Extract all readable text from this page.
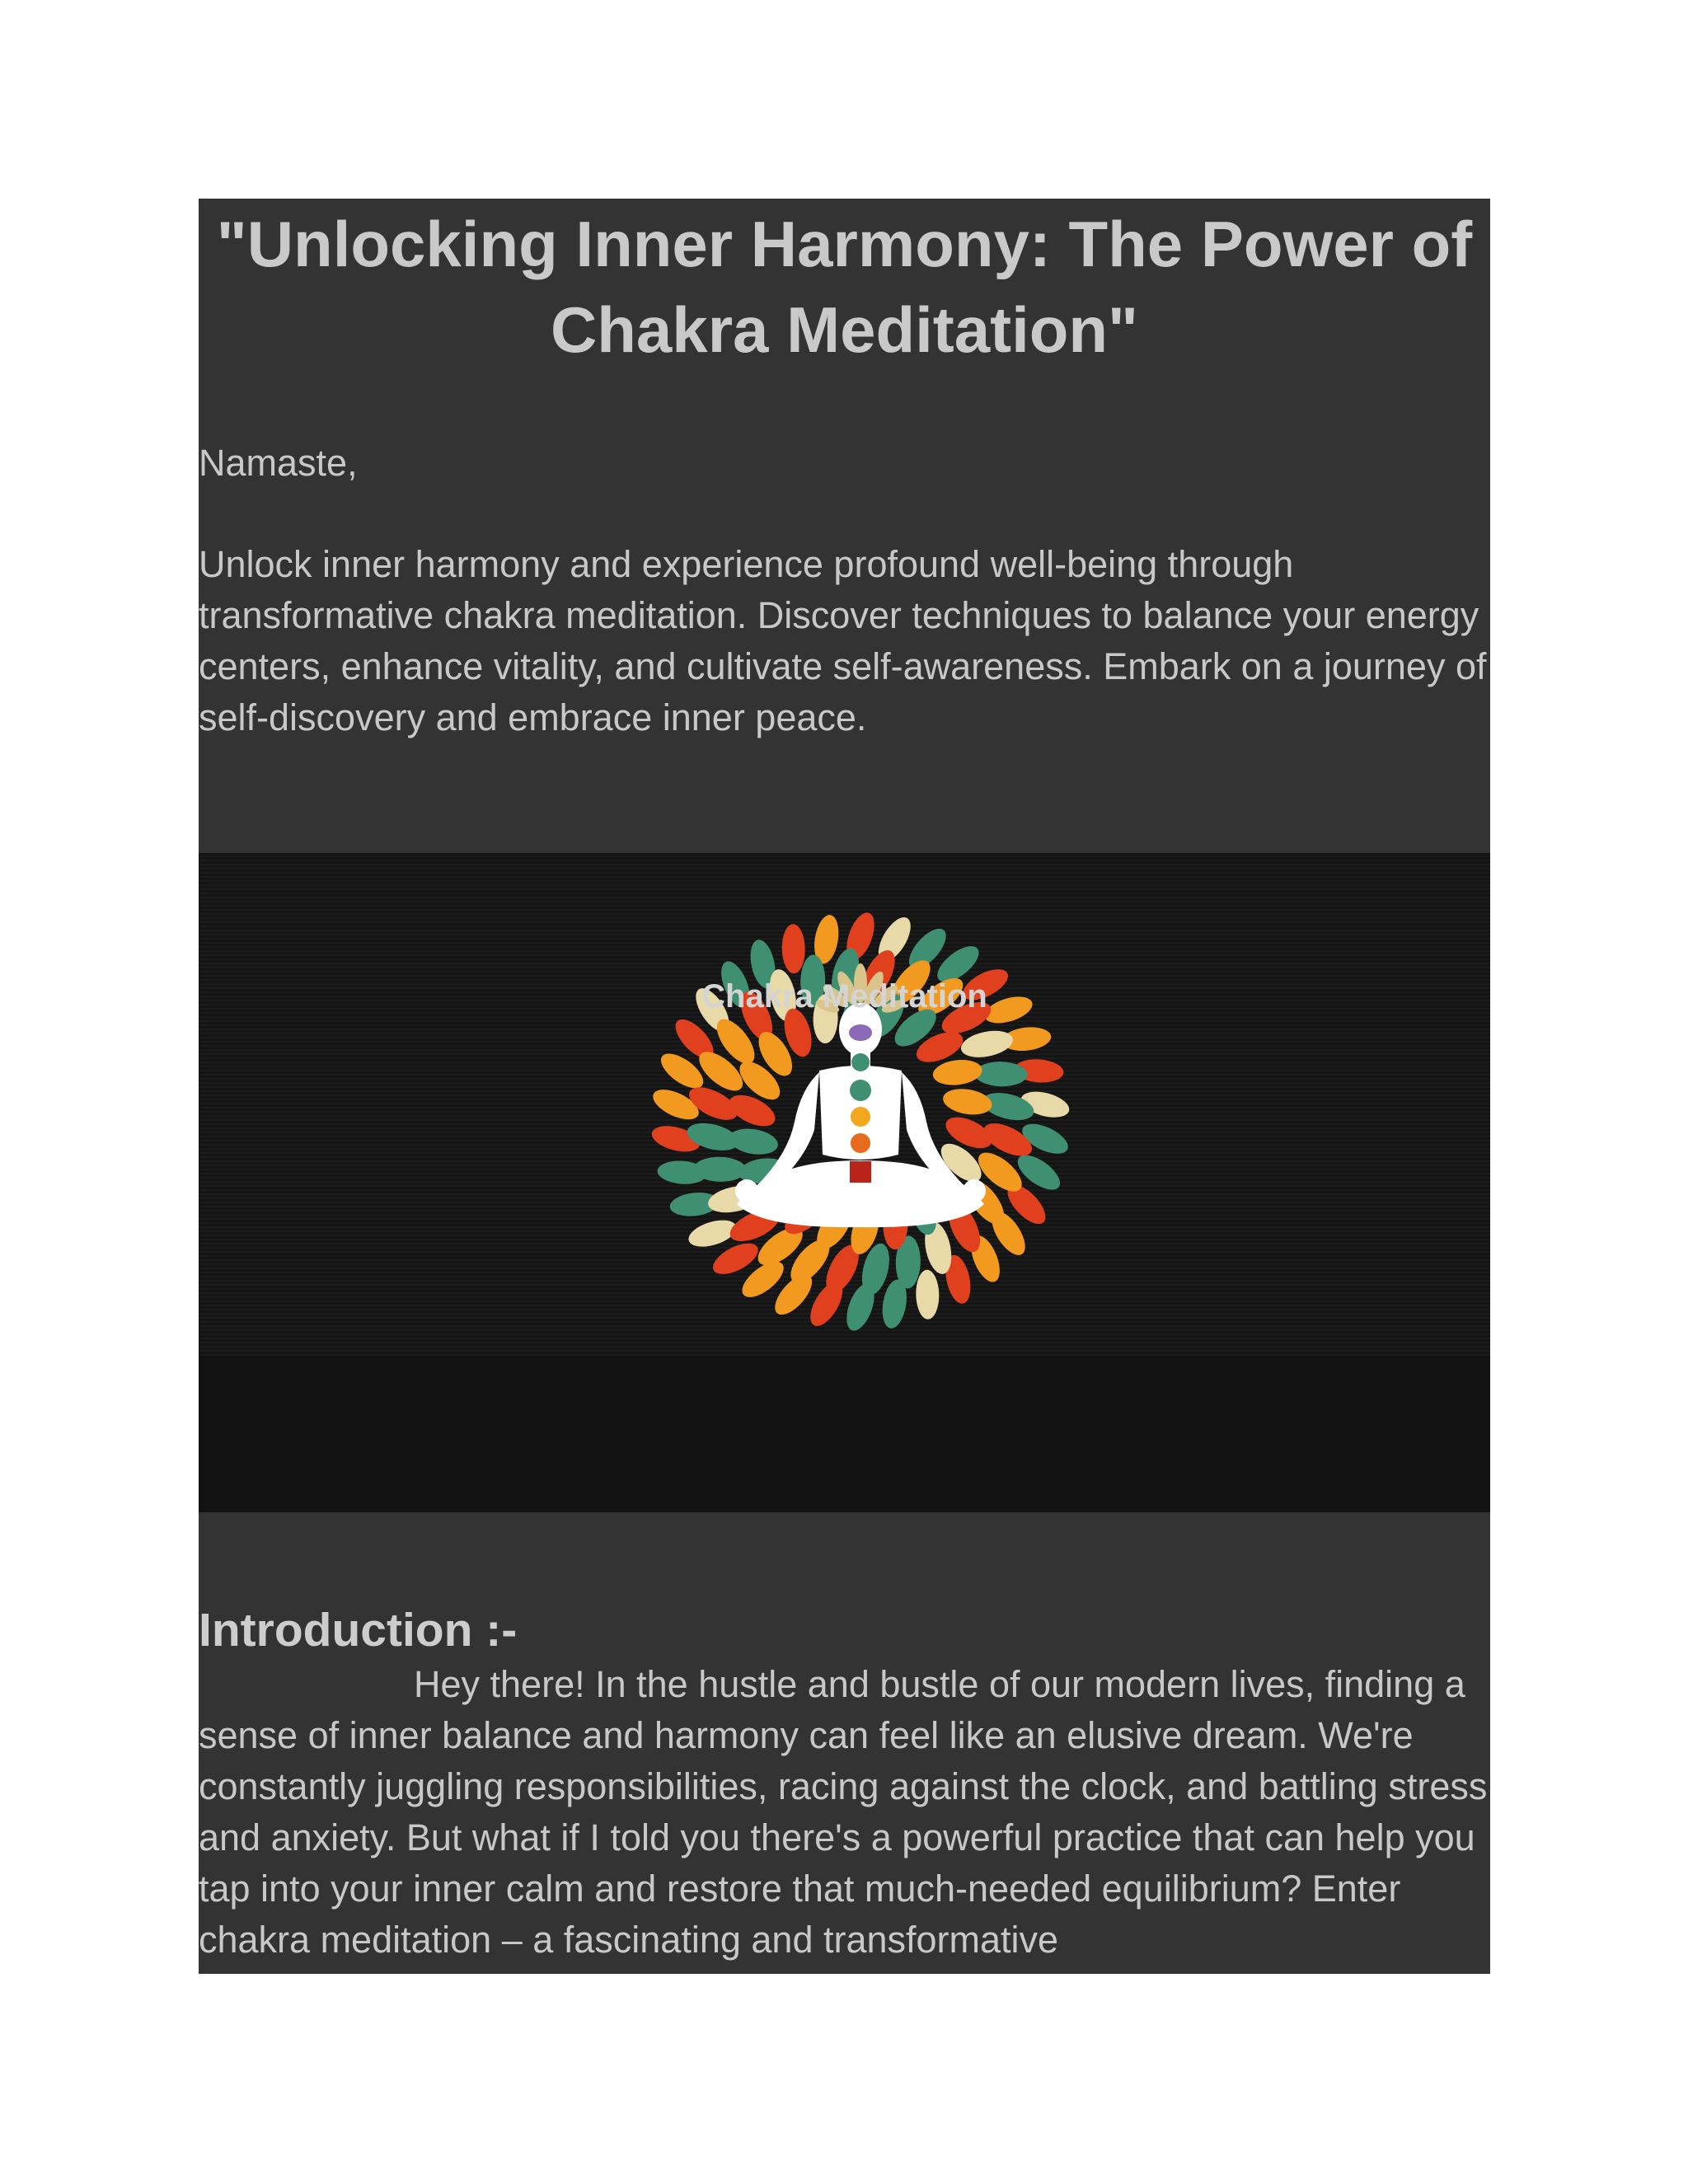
"Unlocking Inner Harmony: The Power of Chakra Meditation"
Namaste,
Unlock inner harmony and experience profound well-being through transformative chakra meditation. Discover techniques to balance your energy centers, enhance vitality, and cultivate self-awareness. Embark on a journey of self-discovery and embrace inner peace.
Chakra Meditation
Introduction :-

Hey there! In the hustle and bustle of our modern lives, finding a sense of inner balance and harmony can feel like an elusive dream. We're constantly juggling responsibilities, racing against the clock, and battling stress and anxiety. But what if I told you there's a powerful practice that can help you tap into your inner calm and restore that much-needed equilibrium? Enter chakra meditation – a fascinating and transformative
